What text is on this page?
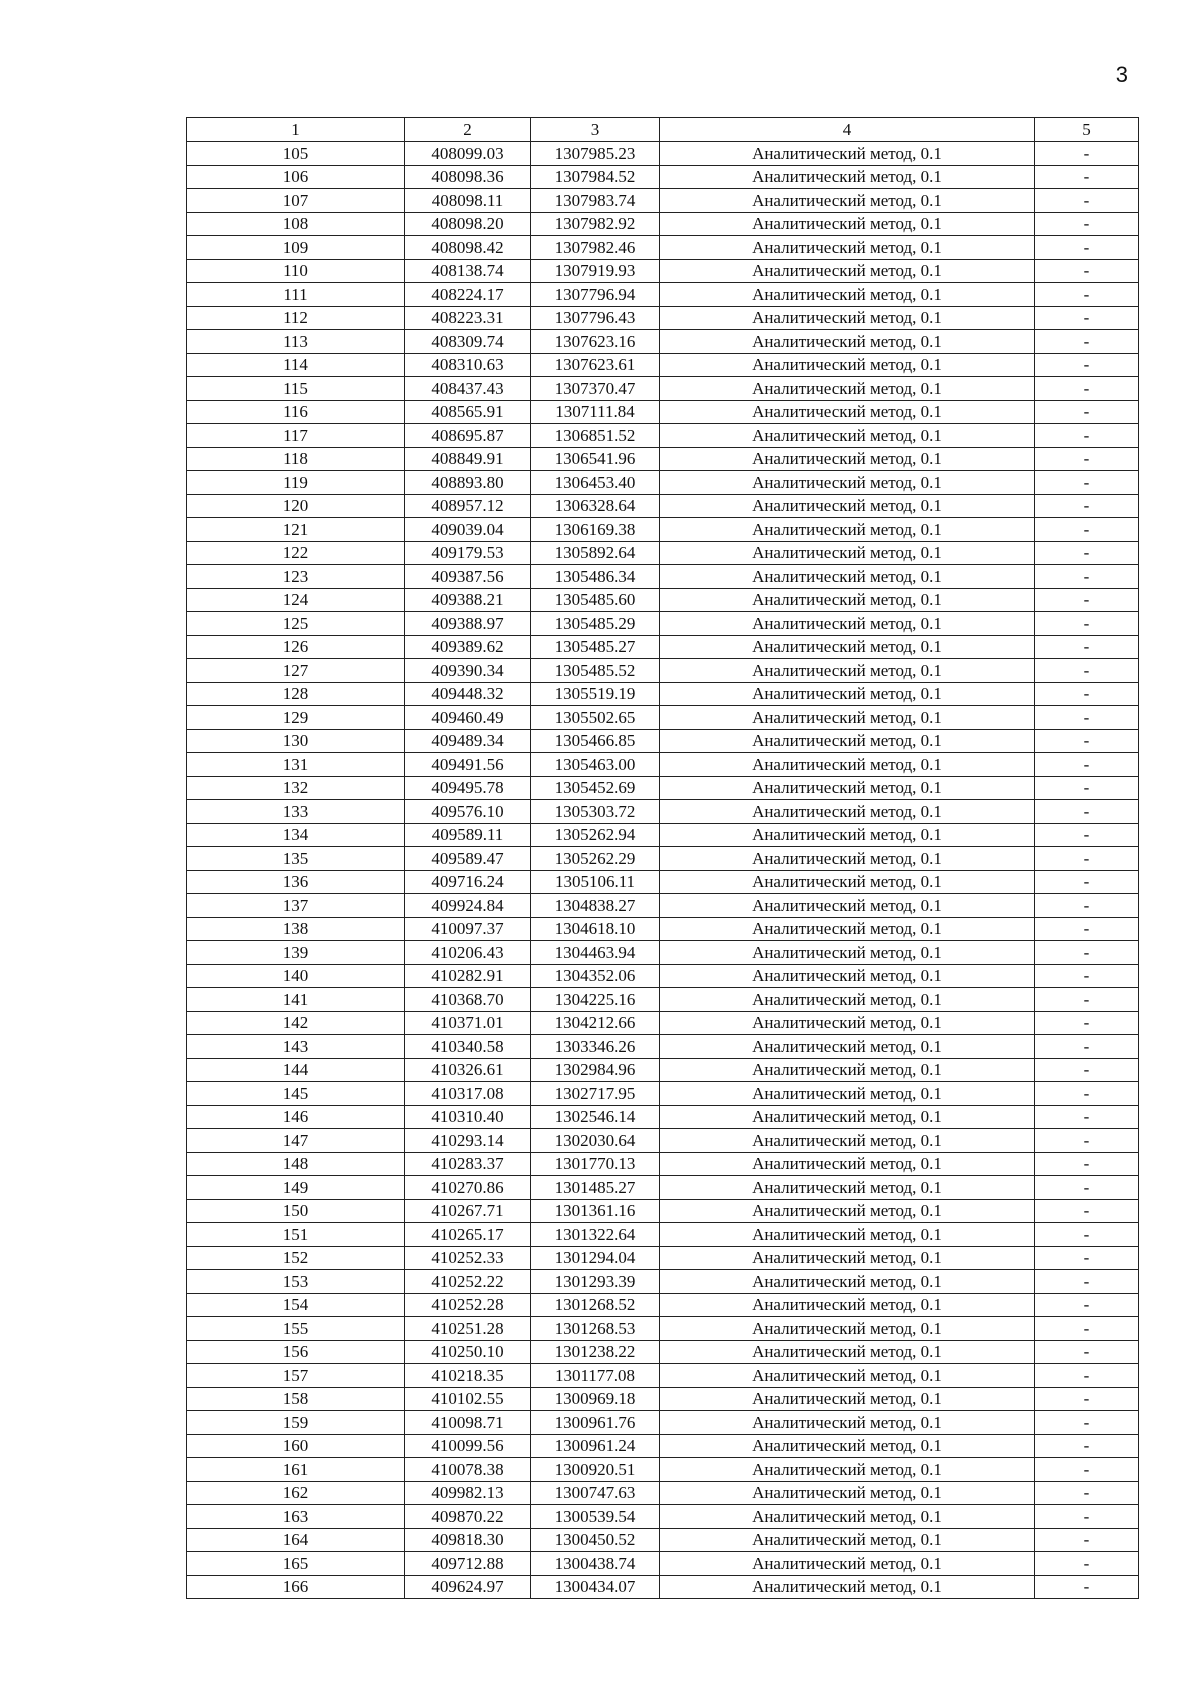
3
1	2	3	4	5
105	408099.03	1307985.23	Аналитический метод, 0.1	-
106	408098.36	1307984.52	Аналитический метод, 0.1	-
107	408098.11	1307983.74	Аналитический метод, 0.1	-
108	408098.20	1307982.92	Аналитический метод, 0.1	-
109	408098.42	1307982.46	Аналитический метод, 0.1	-
110	408138.74	1307919.93	Аналитический метод, 0.1	-
111	408224.17	1307796.94	Аналитический метод, 0.1	-
112	408223.31	1307796.43	Аналитический метод, 0.1	-
113	408309.74	1307623.16	Аналитический метод, 0.1	-
114	408310.63	1307623.61	Аналитический метод, 0.1	-
115	408437.43	1307370.47	Аналитический метод, 0.1	-
116	408565.91	1307111.84	Аналитический метод, 0.1	-
117	408695.87	1306851.52	Аналитический метод, 0.1	-
118	408849.91	1306541.96	Аналитический метод, 0.1	-
119	408893.80	1306453.40	Аналитический метод, 0.1	-
120	408957.12	1306328.64	Аналитический метод, 0.1	-
121	409039.04	1306169.38	Аналитический метод, 0.1	-
122	409179.53	1305892.64	Аналитический метод, 0.1	-
123	409387.56	1305486.34	Аналитический метод, 0.1	-
124	409388.21	1305485.60	Аналитический метод, 0.1	-
125	409388.97	1305485.29	Аналитический метод, 0.1	-
126	409389.62	1305485.27	Аналитический метод, 0.1	-
127	409390.34	1305485.52	Аналитический метод, 0.1	-
128	409448.32	1305519.19	Аналитический метод, 0.1	-
129	409460.49	1305502.65	Аналитический метод, 0.1	-
130	409489.34	1305466.85	Аналитический метод, 0.1	-
131	409491.56	1305463.00	Аналитический метод, 0.1	-
132	409495.78	1305452.69	Аналитический метод, 0.1	-
133	409576.10	1305303.72	Аналитический метод, 0.1	-
134	409589.11	1305262.94	Аналитический метод, 0.1	-
135	409589.47	1305262.29	Аналитический метод, 0.1	-
136	409716.24	1305106.11	Аналитический метод, 0.1	-
137	409924.84	1304838.27	Аналитический метод, 0.1	-
138	410097.37	1304618.10	Аналитический метод, 0.1	-
139	410206.43	1304463.94	Аналитический метод, 0.1	-
140	410282.91	1304352.06	Аналитический метод, 0.1	-
141	410368.70	1304225.16	Аналитический метод, 0.1	-
142	410371.01	1304212.66	Аналитический метод, 0.1	-
143	410340.58	1303346.26	Аналитический метод, 0.1	-
144	410326.61	1302984.96	Аналитический метод, 0.1	-
145	410317.08	1302717.95	Аналитический метод, 0.1	-
146	410310.40	1302546.14	Аналитический метод, 0.1	-
147	410293.14	1302030.64	Аналитический метод, 0.1	-
148	410283.37	1301770.13	Аналитический метод, 0.1	-
149	410270.86	1301485.27	Аналитический метод, 0.1	-
150	410267.71	1301361.16	Аналитический метод, 0.1	-
151	410265.17	1301322.64	Аналитический метод, 0.1	-
152	410252.33	1301294.04	Аналитический метод, 0.1	-
153	410252.22	1301293.39	Аналитический метод, 0.1	-
154	410252.28	1301268.52	Аналитический метод, 0.1	-
155	410251.28	1301268.53	Аналитический метод, 0.1	-
156	410250.10	1301238.22	Аналитический метод, 0.1	-
157	410218.35	1301177.08	Аналитический метод, 0.1	-
158	410102.55	1300969.18	Аналитический метод, 0.1	-
159	410098.71	1300961.76	Аналитический метод, 0.1	-
160	410099.56	1300961.24	Аналитический метод, 0.1	-
161	410078.38	1300920.51	Аналитический метод, 0.1	-
162	409982.13	1300747.63	Аналитический метод, 0.1	-
163	409870.22	1300539.54	Аналитический метод, 0.1	-
164	409818.30	1300450.52	Аналитический метод, 0.1	-
165	409712.88	1300438.74	Аналитический метод, 0.1	-
166	409624.97	1300434.07	Аналитический метод, 0.1	-
